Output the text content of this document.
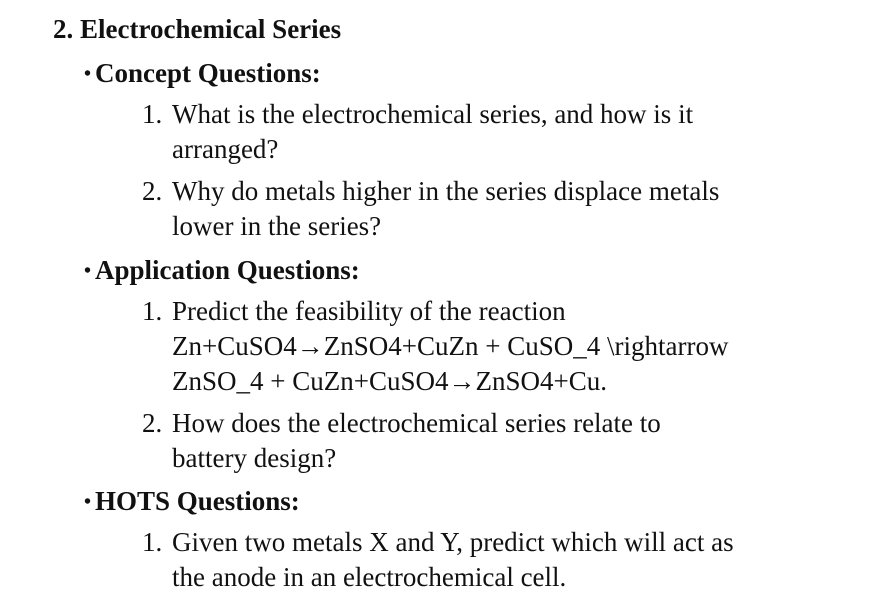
2. Electrochemical Series
• Concept Questions:
1. What is the electrochemical series, and how is it
arranged?
2. Why do metals higher in the series displace metals
lower in the series?
• Application Questions:
1. Predict the feasibility of the reaction
Zn+CuSO4→ZnSO4+CuZn + CuSO_4 \rightarrow
ZnSO_4 + CuZn+CuSO4→ZnSO4+Cu.
2. How does the electrochemical series relate to
battery design?
• HOTS Questions:
1. Given two metals X and Y, predict which will act as
the anode in an electrochemical cell.
